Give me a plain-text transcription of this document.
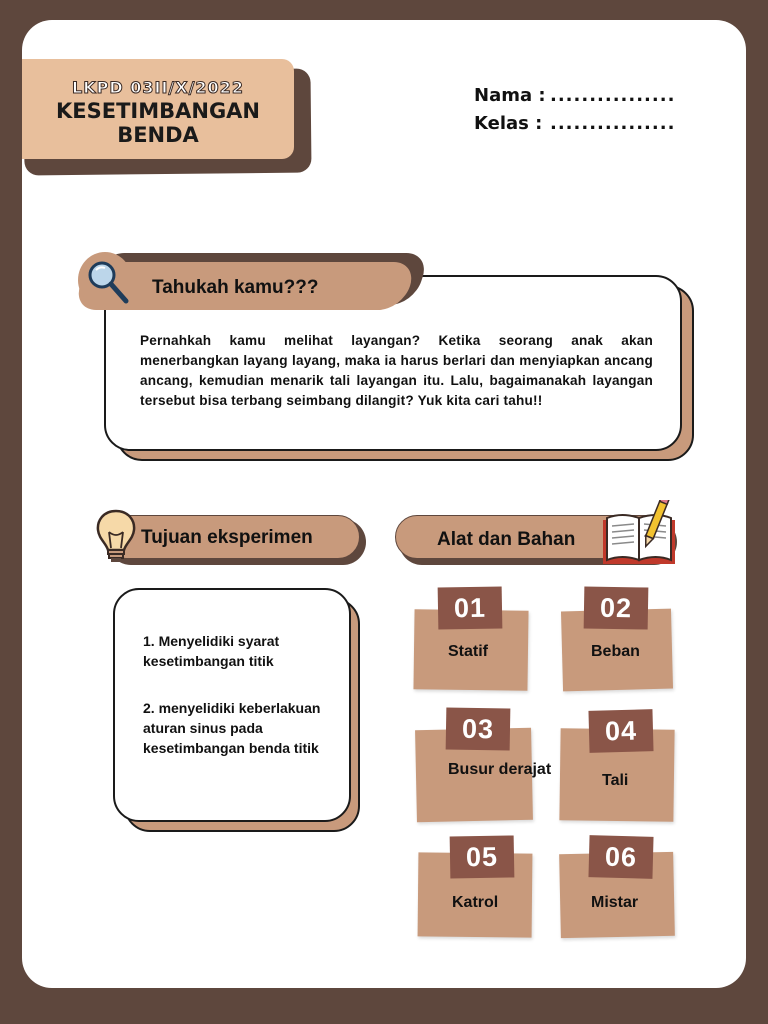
LKPD 03II/X/2022
KESETIMBANGAN
BENDA
Nama : ................
Kelas : ................
Tahukah kamu???
Pernahkah kamu melihat layangan? Ketika seorang anak akan menerbangkan layang layang, maka ia harus berlari dan menyiapkan ancang ancang, kemudian menarik tali layangan itu. Lalu, bagaimanakah layangan tersebut bisa terbang seimbang dilangit? Yuk kita cari tahu!!
Tujuan eksperimen
1. Menyelidiki syarat kesetimbangan titik
2. menyelidiki keberlakuan aturan sinus pada kesetimbangan benda titik
Alat dan Bahan
01
Statif
02
Beban
03
Busur derajat
04
Tali
05
Katrol
06
Mistar
